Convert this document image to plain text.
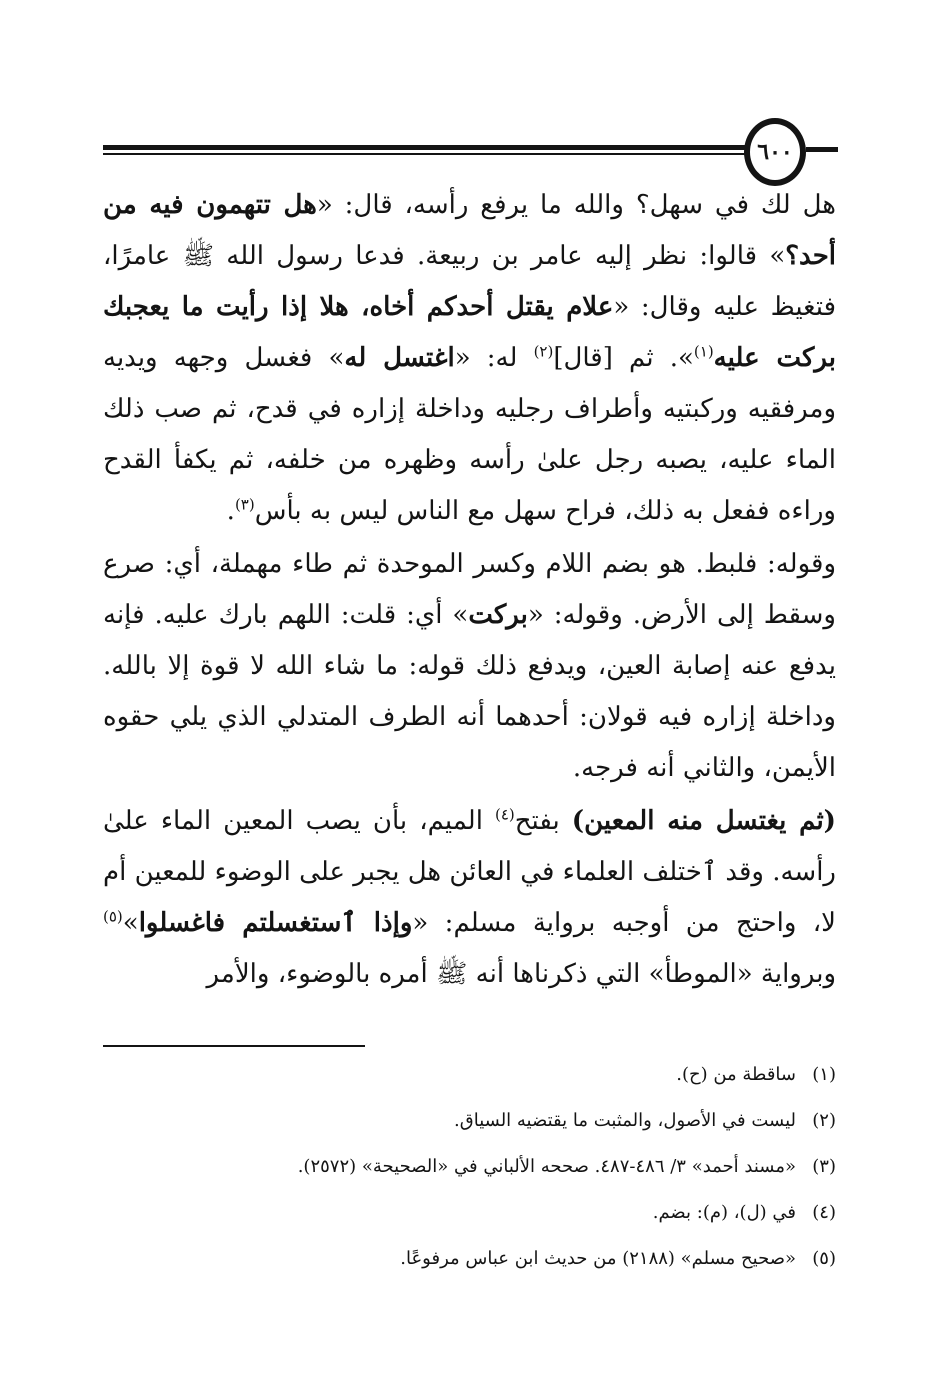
٦٠٠

هل لك في سهل؟ والله ما يرفع رأسه، قال: «هل تتهمون فيه من أحد؟» قالوا: نظر إليه عامر بن ربيعة. فدعا رسول الله ﷺ عامرًا، فتغيظ عليه وقال: «علام يقتل أحدكم أخاه، هلا إذا رأيت ما يعجبك بركت عليه$^{(١)}$». ثم [قال]$^{(٢)}$ له: «اغتسل له» فغسل وجهه ويديه ومرفقيه وركبتيه وأطراف رجليه وداخلة إزاره في قدح، ثم صب ذلك الماء عليه، يصبه رجل علىٰ رأسه وظهره من خلفه، ثم يكفأ القدح وراءه ففعل به ذلك، فراح سهل مع الناس ليس به بأس$^{(٣)}$.

وقوله: فلبط. هو بضم اللام وكسر الموحدة ثم طاء مهملة، أي: صرع وسقط إلى الأرض. وقوله: «بركت» أي: قلت: اللهم بارك عليه. فإنه يدفع عنه إصابة العين، ويدفع ذلك قوله: ما شاء الله لا قوة إلا بالله. وداخلة إزاره فيه قولان: أحدهما أنه الطرف المتدلي الذي يلي حقوه الأيمن، والثاني أنه فرجه.

(ثم يغتسل منه المعين) بفتح$^{(٤)}$ الميم، بأن يصب المعين الماء علىٰ رأسه. وقد ٱختلف العلماء في العائن هل يجبر على الوضوء للمعين أم لا، واحتج من أوجبه برواية مسلم: «وإذا ٱستغسلتم فاغسلوا»$^{(٥)}$ وبرواية «الموطأ» التي ذكرناها أنه ﷺ أمره بالوضوء، والأمر

(١)
ساقطة من (ح).
(٢)
ليست في الأصول، والمثبت ما يقتضيه السياق.
(٣)
«مسند أحمد» ٣/ ٤٨٦-٤٨٧. صححه الألباني في «الصحيحة» (٢٥٧٢).
(٤)
في (ل)، (م): بضم.
(٥)
«صحيح مسلم» (٢١٨٨) من حديث ابن عباس مرفوعًا.
